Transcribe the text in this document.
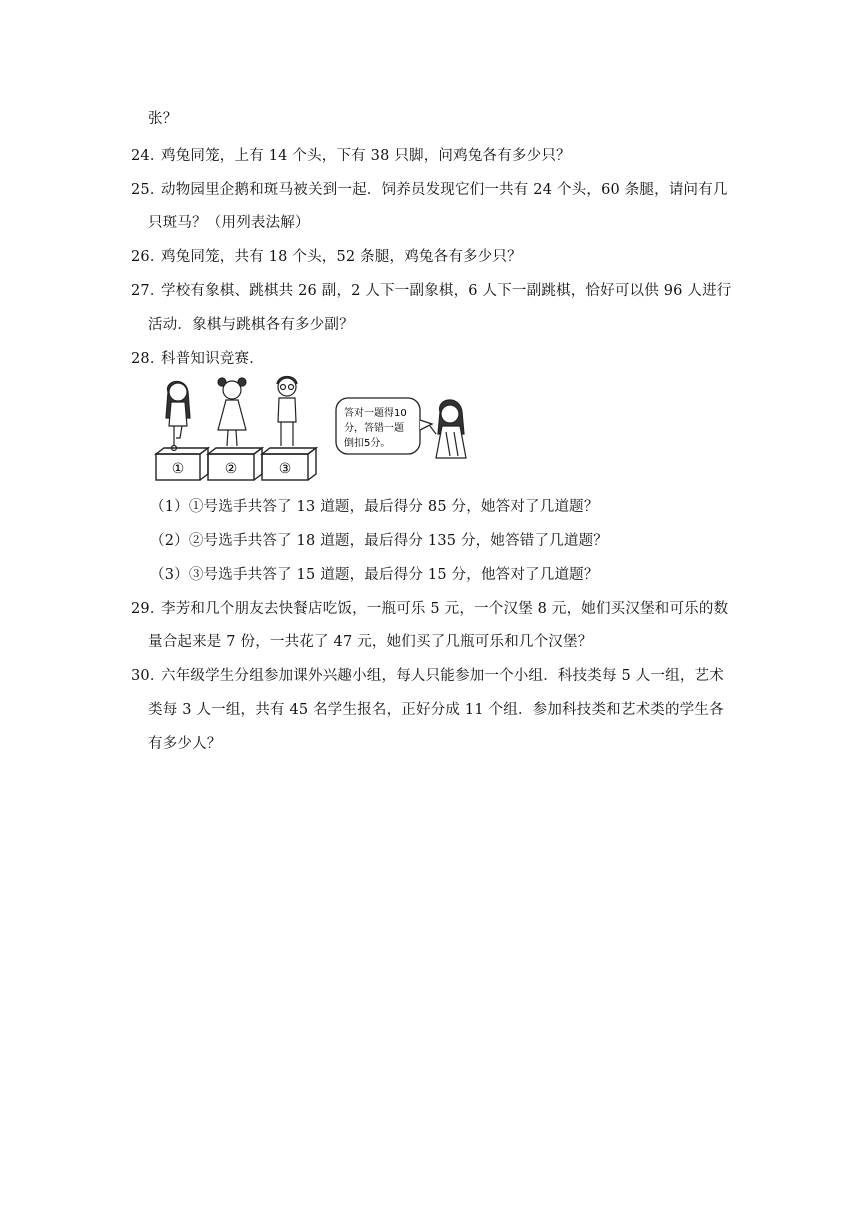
张？
24．鸡兔同笼，上有 14 个头，下有 38 只脚，问鸡兔各有多少只？
25．动物园里企鹅和斑马被关到一起．饲养员发现它们一共有 24 个头，60 条腿，请问有几
只斑马？（用列表法解）
26．鸡兔同笼，共有 18 个头，52 条腿，鸡兔各有多少只？
27．学校有象棋、跳棋共 26 副，2 人下一副象棋，6 人下一副跳棋，恰好可以供 96 人进行
活动．象棋与跳棋各有多少副？
28．科普知识竞赛．
①	②	③
答对一题得10
分，答错一题
倒扣5分。
（1）①号选手共答了 13 道题，最后得分 85 分，她答对了几道题？
（2）②号选手共答了 18 道题，最后得分 135 分，她答错了几道题？
（3）③号选手共答了 15 道题，最后得分 15 分，他答对了几道题？
29．李芳和几个朋友去快餐店吃饭，一瓶可乐 5 元，一个汉堡 8 元，她们买汉堡和可乐的数
量合起来是 7 份，一共花了 47 元，她们买了几瓶可乐和几个汉堡？
30．六年级学生分组参加课外兴趣小组，每人只能参加一个小组．科技类每 5 人一组，艺术
类每 3 人一组，共有 45 名学生报名，正好分成 11 个组．参加科技类和艺术类的学生各
有多少人？
